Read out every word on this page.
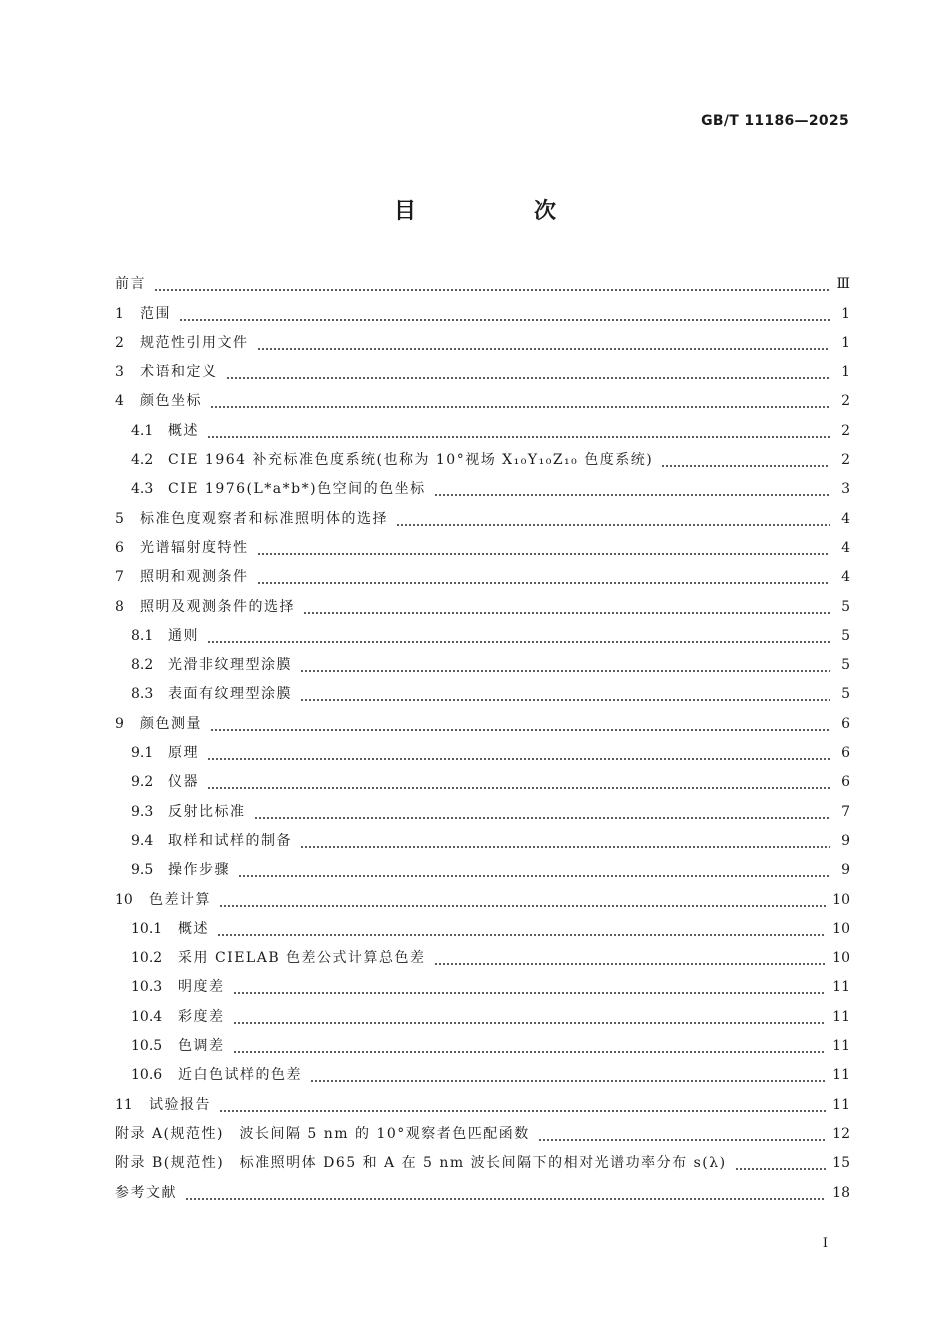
GB/T 11186—2025
目　次
前言	Ⅲ
1	范围	1
2	规范性引用文件	1
3	术语和定义	1
4	颜色坐标	2
4.1	概述	2
4.2	CIE 1964 补充标准色度系统(也称为 10°视场 X₁₀Y₁₀Z₁₀ 色度系统)	2
4.3	CIE 1976(L*a*b*)色空间的色坐标	3
5	标准色度观察者和标准照明体的选择	4
6	光谱辐射度特性	4
7	照明和观测条件	4
8	照明及观测条件的选择	5
8.1	通则	5
8.2	光滑非纹理型涂膜	5
8.3	表面有纹理型涂膜	5
9	颜色测量	6
9.1	原理	6
9.2	仪器	6
9.3	反射比标准	7
9.4	取样和试样的制备	9
9.5	操作步骤	9
10	色差计算	10
10.1	概述	10
10.2	采用 CIELAB 色差公式计算总色差	10
10.3	明度差	11
10.4	彩度差	11
10.5	色调差	11
10.6	近白色试样的色差	11
11	试验报告	11
附录 A(规范性)　波长间隔 5 nm 的 10°观察者色匹配函数	12
附录 B(规范性)　标准照明体 D65 和 A 在 5 nm 波长间隔下的相对光谱功率分布 s(λ)	15
参考文献	18
Ⅰ
